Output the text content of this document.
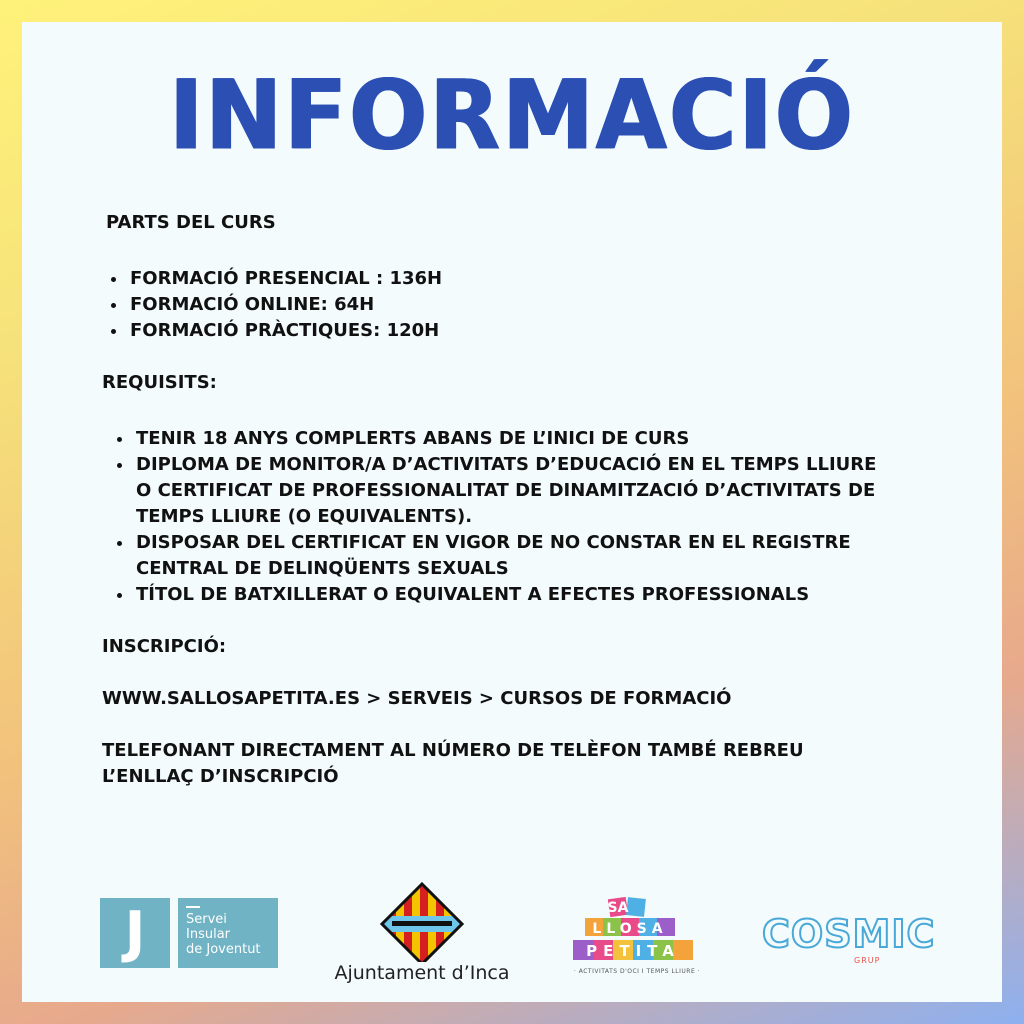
INFORMACIÓ

PARTS DEL CURS

• FORMACIÓ PRESENCIAL : 136H
• FORMACIÓ ONLINE: 64H
• FORMACIÓ PRÀCTIQUES: 120H

REQUISITS:

• TENIR 18 ANYS COMPLERTS ABANS DE L’INICI DE CURS
• DIPLOMA DE MONITOR/A D’ACTIVITATS D’EDUCACIÓ EN EL TEMPS LLIURE O CERTIFICAT DE PROFESSIONALITAT DE DINAMITZACIÓ D’ACTIVITATS DE TEMPS LLIURE (O EQUIVALENTS).
• DISPOSAR DEL CERTIFICAT EN VIGOR DE NO CONSTAR EN EL REGISTRE CENTRAL DE DELINQÜENTS SEXUALS
• TÍTOL DE BATXILLERAT O EQUIVALENT A EFECTES PROFESSIONALS

INSCRIPCIÓ:

WWW.SALLOSAPETITA.ES > SERVEIS > CURSOS DE FORMACIÓ

TELEFONANT DIRECTAMENT AL NÚMERO DE TELÈFON TAMBÉ REBREU L’ENLLAÇ D’INSCRIPCIÓ

J	Servei
Insular
de Joventut
Ajuntament d’Inca
SA
LLOSA
PETITA
· ACTIVITATS D'OCI I TEMPS LLIURE ·
COSMIC
GRUP
